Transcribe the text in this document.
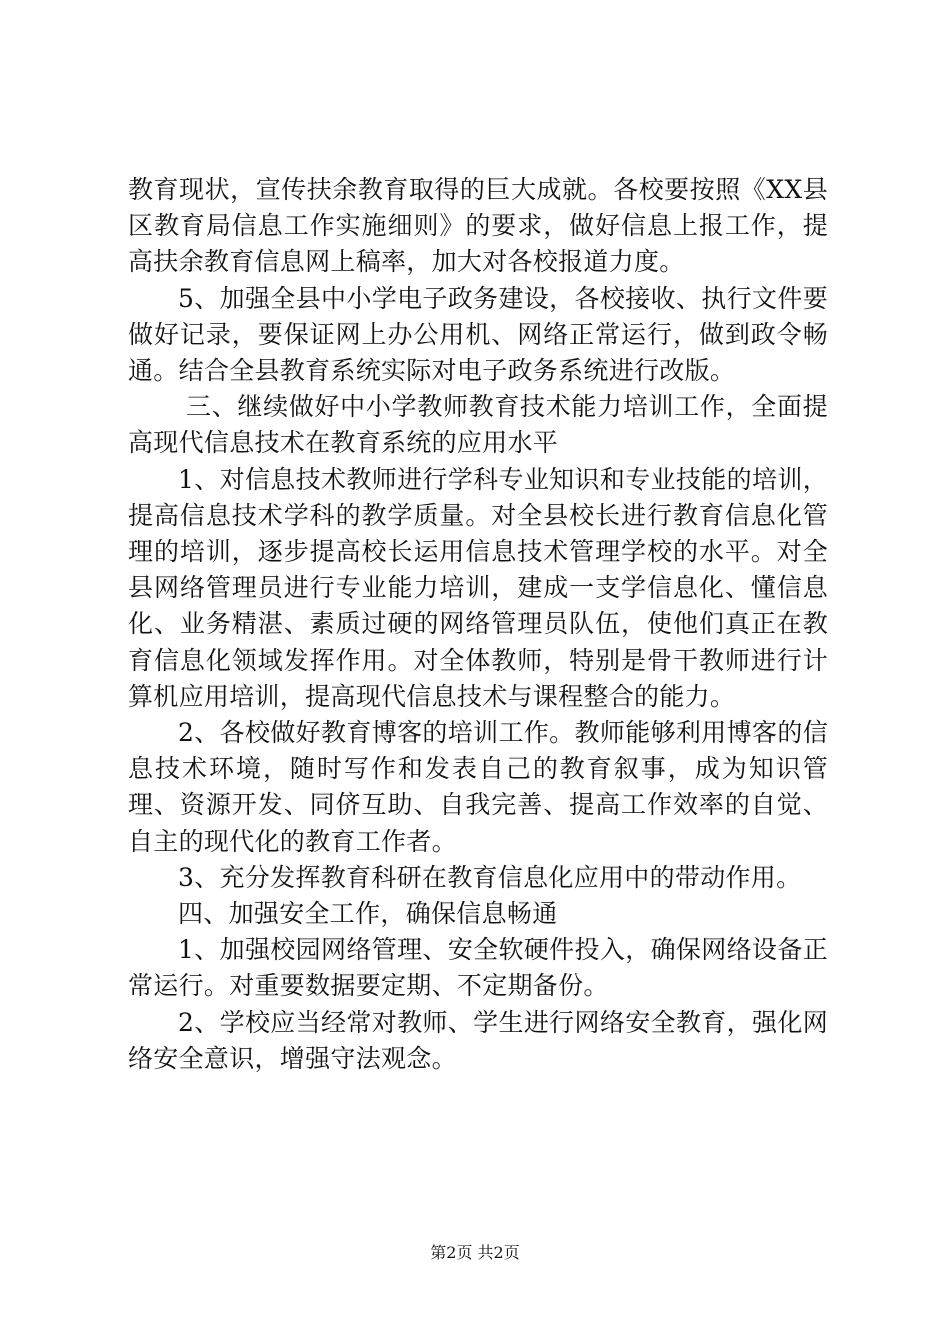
教育现状，宣传扶余教育取得的巨大成就。各校要按照《XX县区教育局信息工作实施细则》的要求，做好信息上报工作，提高扶余教育信息网上稿率，加大对各校报道力度。

5、加强全县中小学电子政务建设，各校接收、执行文件要做好记录，要保证网上办公用机、网络正常运行，做到政令畅通。结合全县教育系统实际对电子政务系统进行改版。

三、继续做好中小学教师教育技术能力培训工作，全面提高现代信息技术在教育系统的应用水平

1、对信息技术教师进行学科专业知识和专业技能的培训，提高信息技术学科的教学质量。对全县校长进行教育信息化管理的培训，逐步提高校长运用信息技术管理学校的水平。对全县网络管理员进行专业能力培训，建成一支学信息化、懂信息化、业务精湛、素质过硬的网络管理员队伍，使他们真正在教育信息化领域发挥作用。对全体教师，特别是骨干教师进行计算机应用培训，提高现代信息技术与课程整合的能力。

2、各校做好教育博客的培训工作。教师能够利用博客的信息技术环境，随时写作和发表自己的教育叙事，成为知识管理、资源开发、同侪互助、自我完善、提高工作效率的自觉、自主的现代化的教育工作者。

3、充分发挥教育科研在教育信息化应用中的带动作用。

四、加强安全工作，确保信息畅通

1、加强校园网络管理、安全软硬件投入，确保网络设备正常运行。对重要数据要定期、不定期备份。

2、学校应当经常对教师、学生进行网络安全教育，强化网络安全意识，增强守法观念。

第2页 共2页
